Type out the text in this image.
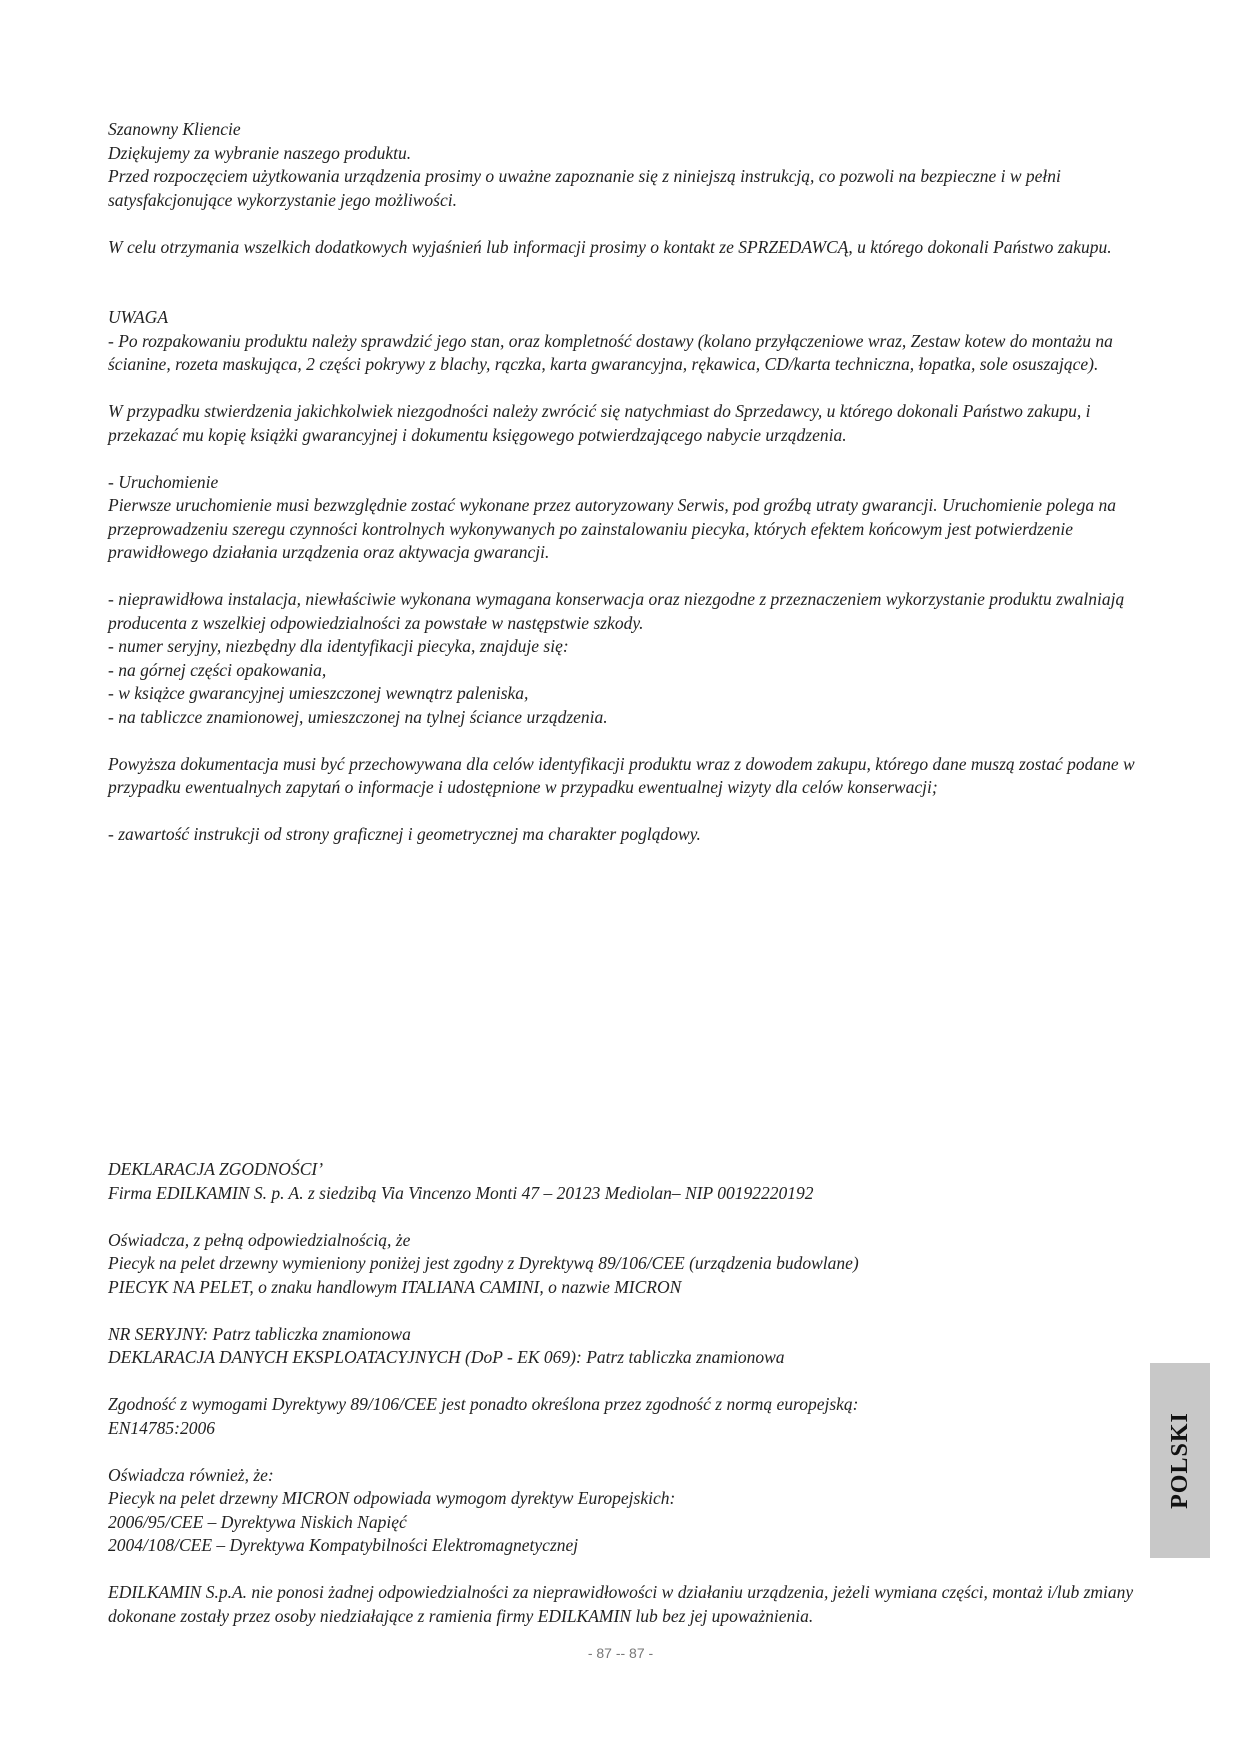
Szanowny Kliencie

Dziękujemy za wybranie naszego produktu.

Przed rozpoczęciem użytkowania urządzenia prosimy o uważne zapoznanie się z niniejszą instrukcją, co pozwoli na bezpieczne i w pełni satysfakcjonujące wykorzystanie jego możliwości.

W celu otrzymania wszelkich dodatkowych wyjaśnień lub informacji prosimy o kontakt ze SPRZEDAWCĄ, u którego dokonali Państwo zakupu.

UWAGA

- Po rozpakowaniu produktu należy sprawdzić jego stan, oraz kompletność dostawy (kolano przyłączeniowe wraz, Zestaw kotew do montażu na ścianine, rozeta maskująca, 2 części pokrywy z blachy, rączka, karta gwarancyjna, rękawica, CD/karta techniczna, łopatka, sole osuszające).

W przypadku stwierdzenia jakichkolwiek niezgodności należy zwrócić się natychmiast do Sprzedawcy, u którego dokonali Państwo zakupu, i przekazać mu kopię książki gwarancyjnej i dokumentu księgowego potwierdzającego nabycie urządzenia.

- Uruchomienie

Pierwsze uruchomienie musi bezwzględnie zostać wykonane przez autoryzowany Serwis, pod groźbą utraty gwarancji. Uruchomienie polega na przeprowadzeniu szeregu czynności kontrolnych wykonywanych po zainstalowaniu piecyka, których efektem końcowym jest potwierdzenie prawidłowego działania urządzenia oraz aktywacja gwarancji.

- nieprawidłowa instalacja, niewłaściwie wykonana wymagana konserwacja oraz niezgodne z przeznaczeniem wykorzystanie produktu zwalniają producenta z wszelkiej odpowiedzialności za powstałe w następstwie szkody.

- numer seryjny, niezbędny dla identyfikacji piecyka, znajduje się:

- na górnej części opakowania,

- w książce gwarancyjnej umieszczonej wewnątrz paleniska,

- na tabliczce znamionowej, umieszczonej na tylnej ściance urządzenia.

Powyższa dokumentacja musi być przechowywana dla celów identyfikacji produktu wraz z dowodem zakupu, którego dane muszą zostać podane w przypadku ewentualnych zapytań o informacje i udostępnione w przypadku ewentualnej wizyty dla celów konserwacji;

- zawartość instrukcji od strony graficznej i geometrycznej ma charakter poglądowy.

DEKLARACJA ZGODNOŚCI’

Firma EDILKAMIN S. p. A. z siedzibą Via Vincenzo Monti 47 – 20123 Mediolan– NIP 00192220192

Oświadcza, z pełną odpowiedzialnością, że

Piecyk na pelet drzewny wymieniony poniżej jest zgodny z Dyrektywą 89/106/CEE (urządzenia budowlane)

PIECYK NA PELET, o znaku handlowym ITALIANA CAMINI, o nazwie MICRON

NR SERYJNY: Patrz tabliczka znamionowa

DEKLARACJA DANYCH EKSPLOATACYJNYCH (DoP - EK 069): Patrz tabliczka znamionowa

Zgodność z wymogami Dyrektywy 89/106/CEE jest ponadto określona przez zgodność z normą europejską:

EN14785:2006

Oświadcza również, że:

Piecyk na pelet drzewny MICRON odpowiada wymogom dyrektyw Europejskich:

2006/95/CEE – Dyrektywa Niskich Napięć

2004/108/CEE – Dyrektywa Kompatybilności Elektromagnetycznej

EDILKAMIN S.p.A. nie ponosi żadnej odpowiedzialności za nieprawidłowości w działaniu urządzenia, jeżeli wymiana części, montaż i/lub zmiany dokonane zostały przez osoby niedziałające z ramienia firmy EDILKAMIN lub bez jej upoważnienia.

POLSKI
- 87 -- 87 -
